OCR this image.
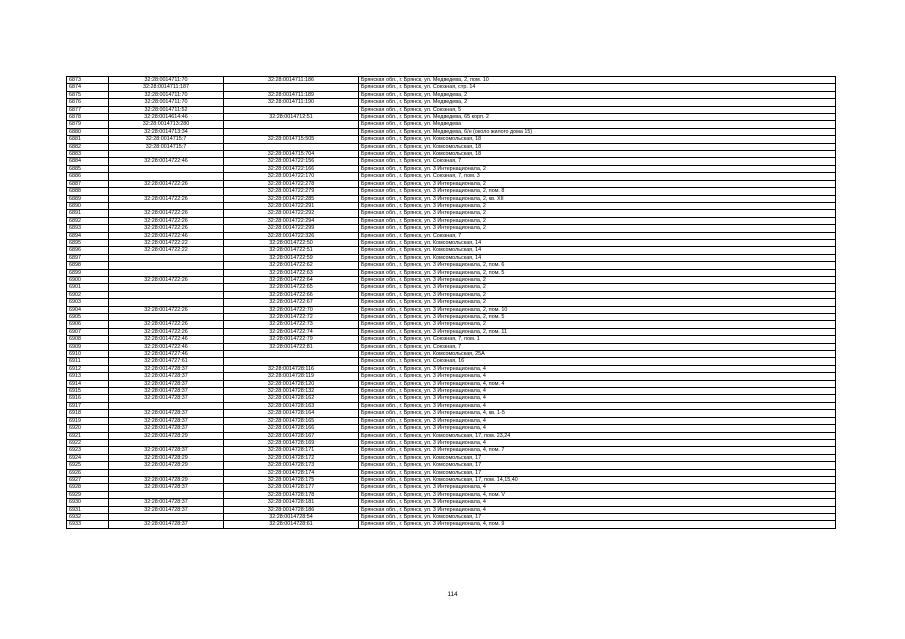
6873	32:28:0014711:70	32:28:0014711:186	Брянская обл., г. Брянск, ул. Медведева, 2, пом. 10
6874	32:28:0014711:187		Брянская обл., г. Брянск, ул. Союзная, стр. 14
6875	32:28:0014711:70	32:28:0014711:189	Брянская обл., г. Брянск, ул. Медведева, 2
6876	32:28:0014711:70	32:28:0014711:190	Брянская обл., г. Брянск, ул. Медведева, 2
6877	32:28:0014711:52		Брянская обл., г. Брянск, ул. Союзная, 5
6878	32:28:0014614:46	32:28:0014712:51	Брянская обл., г. Брянск, ул. Медведева, 65 корп. 2
6879	32:28:0014713:280		Брянская обл., г. Брянск, ул. Медведева
6880	32:28:0014713:34		Брянская обл., г. Брянск, ул. Медведева, 6/н (около жилого дома 15)
6881	32:28:0014715:7	32:28:0014715:505	Брянская обл., г. Брянск, ул. Комсомольская, 18
6882	32:28:0014715:7		Брянская обл., г. Брянск, ул. Комсомольская, 18
6883		32:28:0014715:704	Брянская обл., г. Брянск, ул. Комсомольская, 18
6884	32:28:0014722:46	32:28:0014722:156	Брянская обл., г. Брянск, ул. Союзная, 7
6885		32:28:0014722:166	Брянская обл., г. Брянск, ул. 3 Интернационала, 2
6886		32:28:0014722:170	Брянская обл., г. Брянск, ул. Союзная, 7, пом. 3
6887	32:28:0014722:26	32:28:0014722:278	Брянская обл., г. Брянск, ул. 3 Интернационала, 2
6888		32:28:0014722:279	Брянская обл., г. Брянск, ул. 3 Интернационала, 2, пом. 8
6889	32:28:0014722:26	32:28:0014722:285	Брянская обл., г. Брянск, ул. 3 Интернационала, 2, кв. XII
6890		32:28:0014722:291	Брянская обл., г. Брянск, ул. 3 Интернационала, 2
6891	32:28:0014722:26	32:28:0014722:292	Брянская обл., г. Брянск, ул. 3 Интернационала, 2
6892	32:28:0014722:26	32:28:0014722:294	Брянская обл., г. Брянск, ул. 3 Интернационала, 2
6893	32:28:0014722:26	32:28:0014722:299	Брянская обл., г. Брянск, ул. 3 Интернационала, 2
6894	32:28:0014722:46	32:28:0014722:326	Брянская обл., г. Брянск, ул. Союзная, 7
6895	32:28:0014722:22	32:28:0014722:50	Брянская обл., г. Брянск, ул. Комсомольская, 14
6896	32:28:0014722:22	32:28:0014722:51	Брянская обл., г. Брянск, ул. Комсомольская, 14
6897		32:28:0014722:59	Брянская обл., г. Брянск, ул. Комсомольская, 14
6898		32:28:0014722:62	Брянская обл., г. Брянск, ул. 3 Интернационала, 2, пом. 6
6899		32:28:0014722:63	Брянская обл., г. Брянск, ул. 3 Интернационала, 2, пом. 5
6900	32:28:0014722:26	32:28:0014722:64	Брянская обл., г. Брянск, ул. 3 Интернационала, 2
6901		32:28:0014722:65	Брянская обл., г. Брянск, ул. 3 Интернационала, 2
6902		32:28:0014722:66	Брянская обл., г. Брянск, ул. 3 Интернационала, 2
6903		32:28:0014722:67	Брянская обл., г. Брянск, ул. 3 Интернационала, 2
6904	32:28:0014722:26	32:28:0014722:70	Брянская обл., г. Брянск, ул. 3 Интернационала, 2, пом. 10
6905		32:28:0014722:72	Брянская обл., г. Брянск, ул. 3 Интернационала, 2, пом. 5
6906	32:28:0014722:26	32:28:0014722:73	Брянская обл., г. Брянск, ул. 3 Интернационала, 2
6907	32:28:0014722:26	32:28:0014722:74	Брянская обл., г. Брянск, ул. 3 Интернационала, 2, пом. 11
6908	32:28:0014722:46	32:28:0014722:79	Брянская обл., г. Брянск, ул. Союзная, 7, пом. 1
6909	32:28:0014722:46	32:28:0014722:81	Брянская обл., г. Брянск, ул. Союзная, 7
6910	32:28:0014727:46		Брянская обл., г. Брянск, ул. Комсомольская, 25А
6911	32:28:0014727:61		Брянская обл., г. Брянск, ул. Союзная, 16
6912	32:28:0014728:37	32:28:0014728:116	Брянская обл., г. Брянск, ул. 3 Интернационала, 4
6913	32:28:0014728:37	32:28:0014728:119	Брянская обл., г. Брянск, ул. 3 Интернационала, 4
6914	32:28:0014728:37	32:28:0014728:120	Брянская обл., г. Брянск, ул. 3 Интернационала, 4, пом. 4
6915	32:28:0014728:37	32:28:0014728:132	Брянская обл., г. Брянск, ул. 3 Интернационала, 4
6916	32:28:0014728:37	32:28:0014728:162	Брянская обл., г. Брянск, ул. 3 Интернационала, 4
6917		32:28:0014728:163	Брянская обл., г. Брянск, ул. 3 Интернационала, 4
6918	32:28:0014728:37	32:28:0014728:164	Брянская обл., г. Брянск, ул. 3 Интернационала, 4, кв. 1-5
6919	32:28:0014728:37	32:28:0014728:165	Брянская обл., г. Брянск, ул. 3 Интернационала, 4
6920	32:28:0014728:37	32:28:0014728:166	Брянская обл., г. Брянск, ул. 3 Интернационала, 4
6921	32:28:0014728:29	32:28:0014728:167	Брянская обл., г. Брянск, ул. Комсомольская, 17, пом. 23,24
6922		32:28:0014728:169	Брянская обл., г. Брянск, ул. 3 Интернационала, 4
6923	32:28:0014728:37	32:28:0014728:171	Брянская обл., г. Брянск, ул. 3 Интернационала, 4, пом. 7
6924	32:28:0014728:29	32:28:0014728:172	Брянская обл., г. Брянск, ул. Комсомольская, 17
6925	32:28:0014728:29	32:28:0014728:173	Брянская обл., г. Брянск, ул. Комсомольская, 17
6926		32:28:0014728:174	Брянская обл., г. Брянск, ул. Комсомольская, 17
6927	32:28:0014728:29	32:28:0014728:175	Брянская обл., г. Брянск, ул. Комсомольская, 17, пом. 14,15,40
6928	32:28:0014728:37	32:28:0014728:177	Брянская обл., г. Брянск, ул. 3 Интернационала, 4
6929		32:28:0014728:178	Брянская обл., г. Брянск, ул. 3 Интернационала, 4, пом. V
6930	32:28:0014728:37	32:28:0014728:181	Брянская обл., г. Брянск, ул. 3 Интернационала, 4
6931	32:28:0014728:37	32:28:0014728:186	Брянская обл., г. Брянск, ул. 3 Интернационала, 4
6932		32:28:0014728:54	Брянская обл., г. Брянск, ул. Комсомольская, 17
6933	32:28:0014728:37	32:28:0014728:61	Брянская обл., г. Брянск, ул. 3 Интернационала, 4, пом. 9
114
